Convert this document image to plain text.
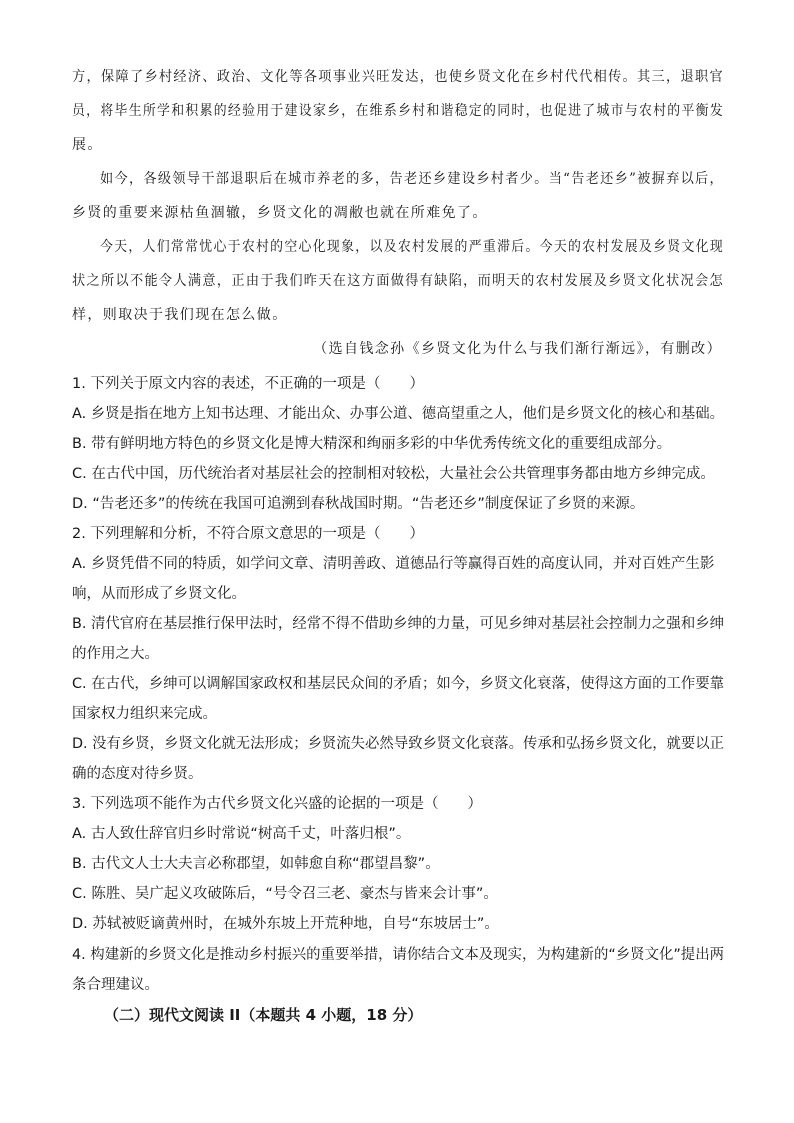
方，保障了乡村经济、政治、文化等各项事业兴旺发达，也使乡贤文化在乡村代代相传。其三，退职官
员，将毕生所学和积累的经验用于建设家乡，在维系乡村和谐稳定的同时，也促进了城市与农村的平衡发
展。
如今，各级领导干部退职后在城市养老的多，告老还乡建设乡村者少。当“告老还乡”被摒弃以后，
乡贤的重要来源枯鱼涸辙，乡贤文化的凋敝也就在所难免了。
今天，人们常常忧心于农村的空心化现象，以及农村发展的严重滞后。今天的农村发展及乡贤文化现
状之所以不能令人满意，正由于我们昨天在这方面做得有缺陷，而明天的农村发展及乡贤文化状况会怎
样，则取决于我们现在怎么做。
（选自钱念孙《乡贤文化为什么与我们渐行渐远》，有删改）
1. 下列关于原文内容的表述，不正确的一项是（　　）
A. 乡贤是指在地方上知书达理、才能出众、办事公道、德高望重之人，他们是乡贤文化的核心和基础。
B. 带有鲜明地方特色的乡贤文化是博大精深和绚丽多彩的中华优秀传统文化的重要组成部分。
C. 在古代中国，历代统治者对基层社会的控制相对较松，大量社会公共管理事务都由地方乡绅完成。
D. “告老还多”的传统在我国可追溯到春秋战国时期。“告老还乡”制度保证了乡贤的来源。
2. 下列理解和分析，不符合原文意思的一项是（　　）
A. 乡贤凭借不同的特质，如学问文章、清明善政、道德品行等赢得百姓的高度认同，并对百姓产生影
响，从而形成了乡贤文化。
B. 清代官府在基层推行保甲法时，经常不得不借助乡绅的力量，可见乡绅对基层社会控制力之强和乡绅
的作用之大。
C. 在古代，乡绅可以调解国家政权和基层民众间的矛盾；如今，乡贤文化衰落，使得这方面的工作要靠
国家权力组织来完成。
D. 没有乡贤，乡贤文化就无法形成；乡贤流失必然导致乡贤文化衰落。传承和弘扬乡贤文化，就要以正
确的态度对待乡贤。
3. 下列选项不能作为古代乡贤文化兴盛的论据的一项是（　　）
A. 古人致仕辞官归乡时常说“树高千丈，叶落归根”。
B. 古代文人士大夫言必称郡望，如韩愈自称“郡望昌黎”。
C. 陈胜、吴广起义攻破陈后，“号令召三老、豪杰与皆来会计事”。
D. 苏轼被贬谪黄州时，在城外东坡上开荒种地，自号“东坡居士”。
4. 构建新的乡贤文化是推动乡村振兴的重要举措，请你结合文本及现实，为构建新的“乡贤文化”提出两
条合理建议。
（二）现代文阅读 II（本题共 4 小题，18 分）
